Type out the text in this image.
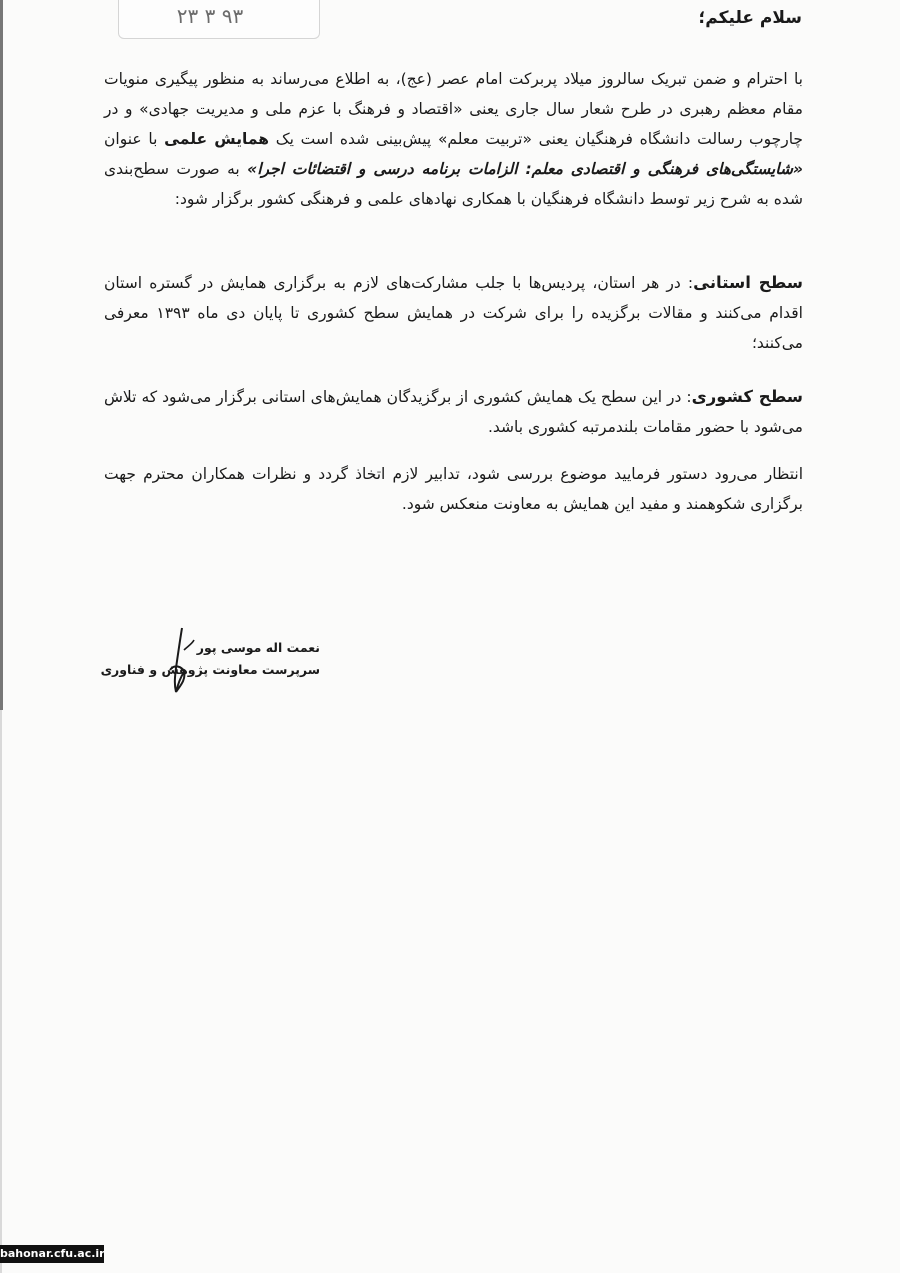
۹۳ ۳ ۲۳	سلام علیکم؛

با احترام و ضمن تبریک سالروز میلاد پربرکت امام عصر (عج)، به اطلاع می‌رساند به منظور پیگیری منویات مقام معظم رهبری در طرح شعار سال جاری یعنی «اقتصاد و فرهنگ با عزم ملی و مدیریت جهادی» و در چارچوب رسالت دانشگاه فرهنگیان یعنی «تربیت معلم» پیش‌بینی شده است یک همایش علمی با عنوان «شایستگی‌های فرهنگی و اقتصادی معلم: الزامات برنامه درسی و اقتضائات اجرا» به صورت سطح‌بندی شده به شرح زیر توسط دانشگاه فرهنگیان با همکاری نهادهای علمی و فرهنگی کشور برگزار شود:

سطح استانی: در هر استان، پردیس‌ها با جلب مشارکت‌های لازم به برگزاری همایش در گستره استان اقدام می‌کنند و مقالات برگزیده را برای شرکت در همایش سطح کشوری تا پایان دی ماه ۱۳۹۳ معرفی می‌کنند؛

سطح کشوری: در این سطح یک همایش کشوری از برگزیدگان همایش‌های استانی برگزار می‌شود که تلاش می‌شود با حضور مقامات بلندمرتبه کشوری باشد.

انتظار می‌رود دستور فرمایید موضوع بررسی شود، تدابیر لازم اتخاذ گردد و نظرات همکاران محترم جهت برگزاری شکوهمند و مفید این همایش به معاونت منعکس شود.

نعمت اله موسی پور
سرپرست معاونت پژوهش و فناوری
bahonar.cfu.ac.ir
